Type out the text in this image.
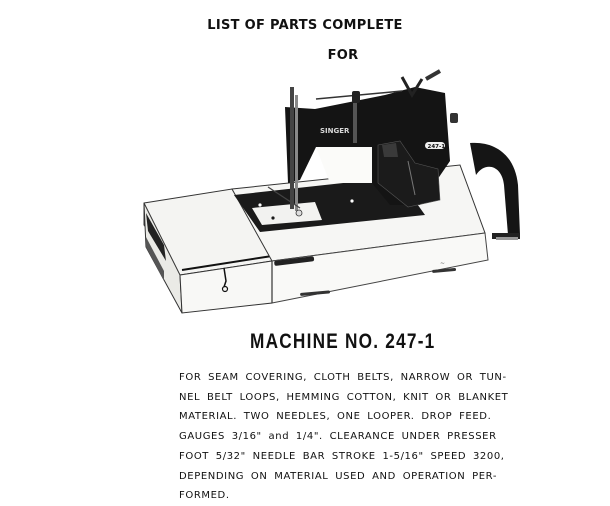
LIST OF PARTS COMPLETE
FOR
SINGER
247-1
~
MACHINE NO. 247-1
FOR SEAM COVERING, CLOTH BELTS, NARROW OR TUN-
NEL BELT LOOPS, HEMMING COTTON, KNIT OR BLANKET
MATERIAL. TWO NEEDLES, ONE LOOPER. DROP FEED.
GAUGES 3/16" and 1/4". CLEARANCE UNDER PRESSER
FOOT 5/32" NEEDLE BAR STROKE 1-5/16" SPEED 3200,
DEPENDING ON MATERIAL USED AND OPERATION PER-
FORMED.
